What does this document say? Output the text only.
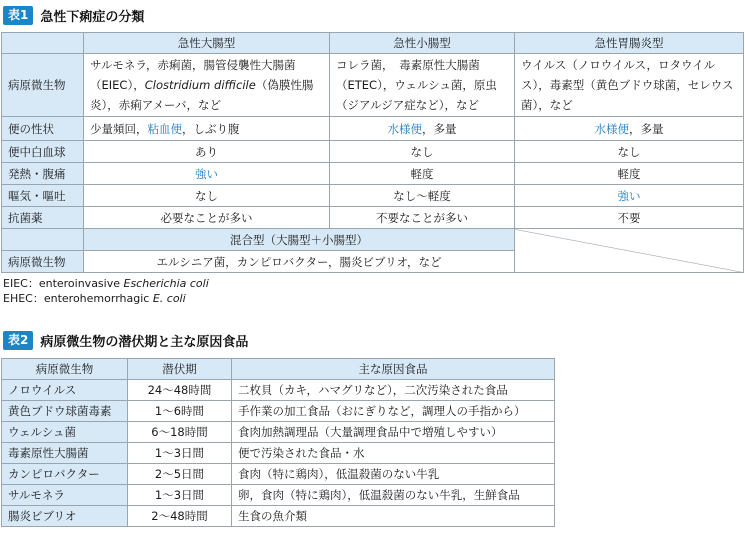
表1 急性下痢症の分類
	急性大腸型	急性小腸型	急性胃腸炎型
病原微生物	サルモネラ，赤痢菌，腸管侵襲性大腸菌（EIEC），Clostridium difficile（偽膜性腸炎），赤痢アメーバ，など	コレラ菌，　毒素原性大腸菌（ETEC），ウェルシュ菌，原虫（ジアルジア症など），など	ウイルス（ノロウイルス，ロタウイルス），毒素型（黄色ブドウ球菌，セレウス菌），など
便の性状	少量頻回，粘血便，しぶり腹	水様便，多量	水様便，多量
便中白血球	あり	なし	なし
発熱・腹痛	強い	軽度	軽度
嘔気・嘔吐	なし	なし～軽度	強い
抗菌薬	必要なことが多い	不要なことが多い	不要
	混合型（大腸型＋小腸型）		
病原微生物	エルシニア菌，カンピロバクター，腸炎ビブリオ，など		
EIEC：enteroinvasive Escherichia coli
EHEC：enterohemorrhagic E. coli
表2 病原微生物の潜伏期と主な原因食品
病原微生物	潜伏期	主な原因食品
ノロウイルス	24～48時間	二枚貝（カキ，ハマグリなど），二次汚染された食品
黄色ブドウ球菌毒素	1～6時間	手作業の加工食品（おにぎりなど，調理人の手指から）
ウェルシュ菌	6～18時間	食肉加熱調理品（大量調理食品中で増殖しやすい）
毒素原性大腸菌	1～3日間	便で汚染された食品・水
カンピロバクター	2～5日間	食肉（特に鶏肉），低温殺菌のない牛乳
サルモネラ	1～3日間	卵，食肉（特に鶏肉），低温殺菌のない牛乳，生鮮食品
腸炎ビブリオ	2～48時間	生食の魚介類
